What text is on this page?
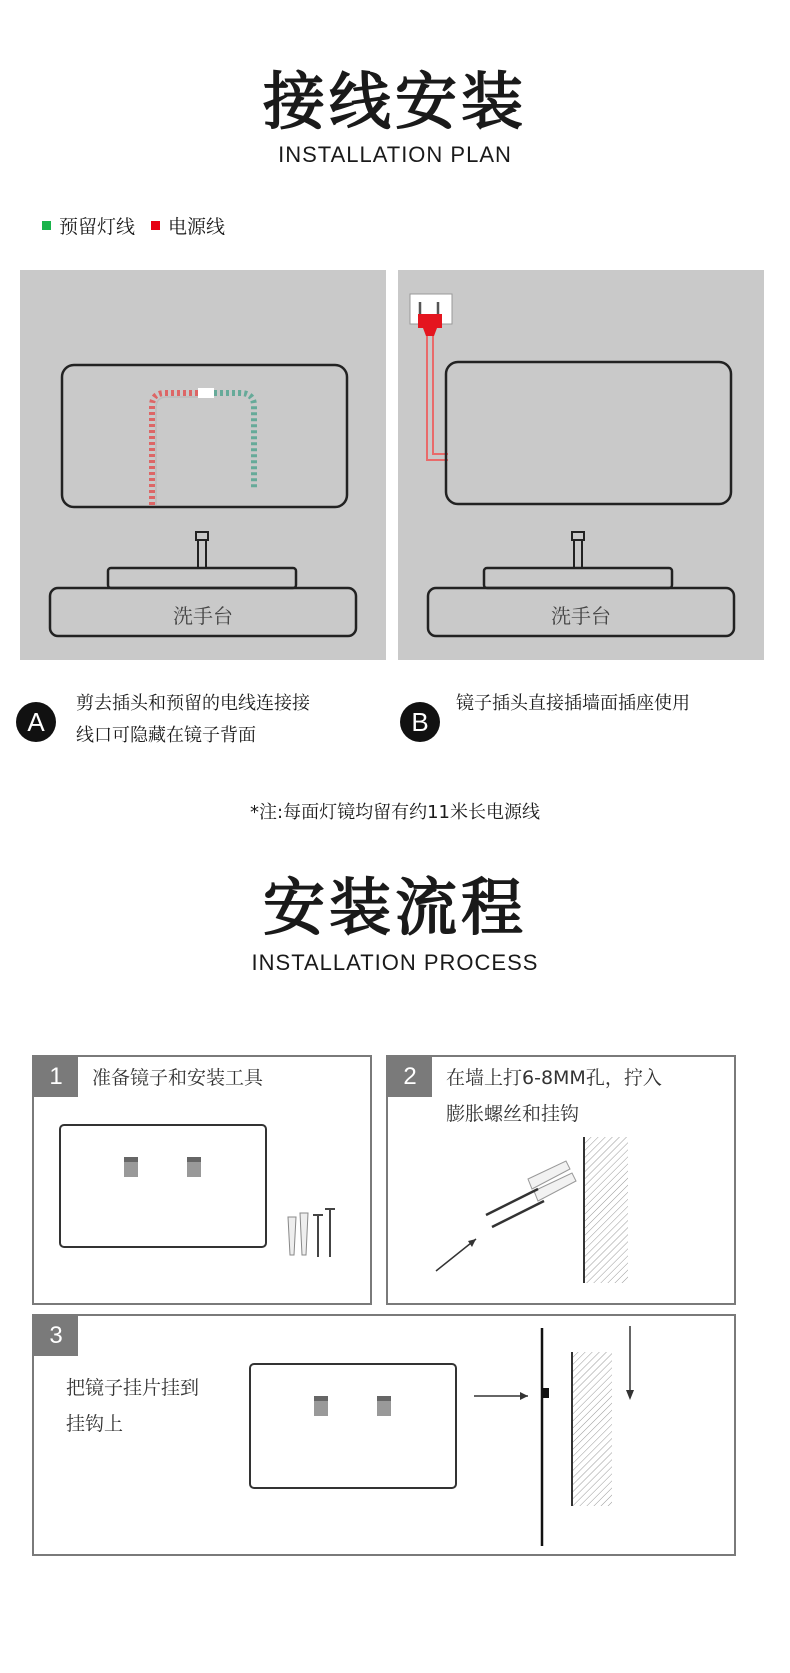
接线安装
INSTALLATION PLAN
预留灯线 电源线
洗手台	洗手台
A
剪去插头和预留的电线连接接
线口可隐藏在镜子背面	B
镜子插头直接插墙面插座使用
*注:每面灯镜均留有约11米长电源线
安装流程
INSTALLATION PROCESS
1	准备镜子和安装工具	2	在墙上打6-8MM孔，拧入
膨胀螺丝和挂钩
3
把镜子挂片挂到
挂钩上
